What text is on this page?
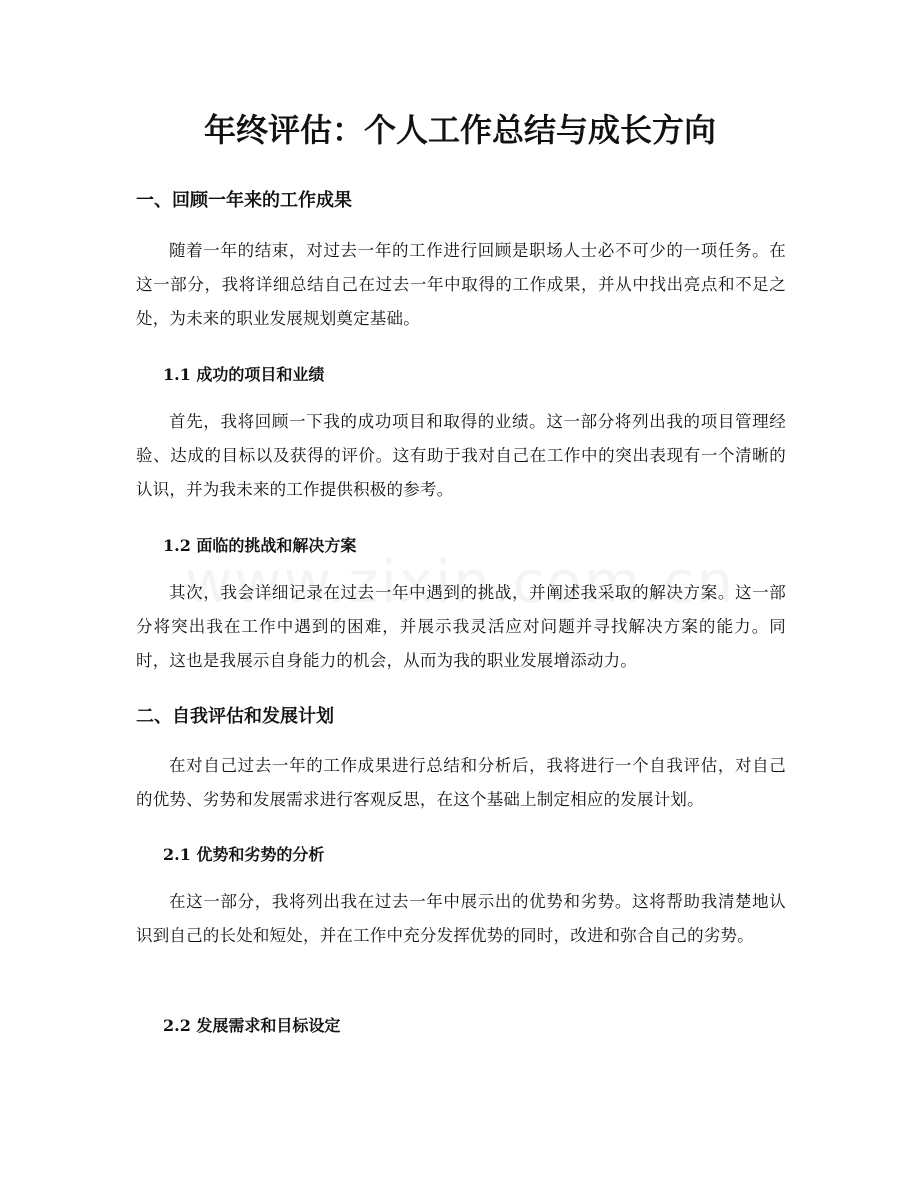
年终评估：个人工作总结与成长方向
一、回顾一年来的工作成果

随着一年的结束，对过去一年的工作进行回顾是职场人士必不可少的一项任务。在这一部分，我将详细总结自己在过去一年中取得的工作成果，并从中找出亮点和不足之处，为未来的职业发展规划奠定基础。

1.1 成功的项目和业绩

首先，我将回顾一下我的成功项目和取得的业绩。这一部分将列出我的项目管理经验、达成的目标以及获得的评价。这有助于我对自己在工作中的突出表现有一个清晰的认识，并为我未来的工作提供积极的参考。

1.2 面临的挑战和解决方案

其次，我会详细记录在过去一年中遇到的挑战，并阐述我采取的解决方案。这一部分将突出我在工作中遇到的困难，并展示我灵活应对问题并寻找解决方案的能力。同时，这也是我展示自身能力的机会，从而为我的职业发展增添动力。

二、自我评估和发展计划

在对自己过去一年的工作成果进行总结和分析后，我将进行一个自我评估，对自己的优势、劣势和发展需求进行客观反思，在这个基础上制定相应的发展计划。

2.1 优势和劣势的分析

在这一部分，我将列出我在过去一年中展示出的优势和劣势。这将帮助我清楚地认识到自己的长处和短处，并在工作中充分发挥优势的同时，改进和弥合自己的劣势。

2.2 发展需求和目标设定
